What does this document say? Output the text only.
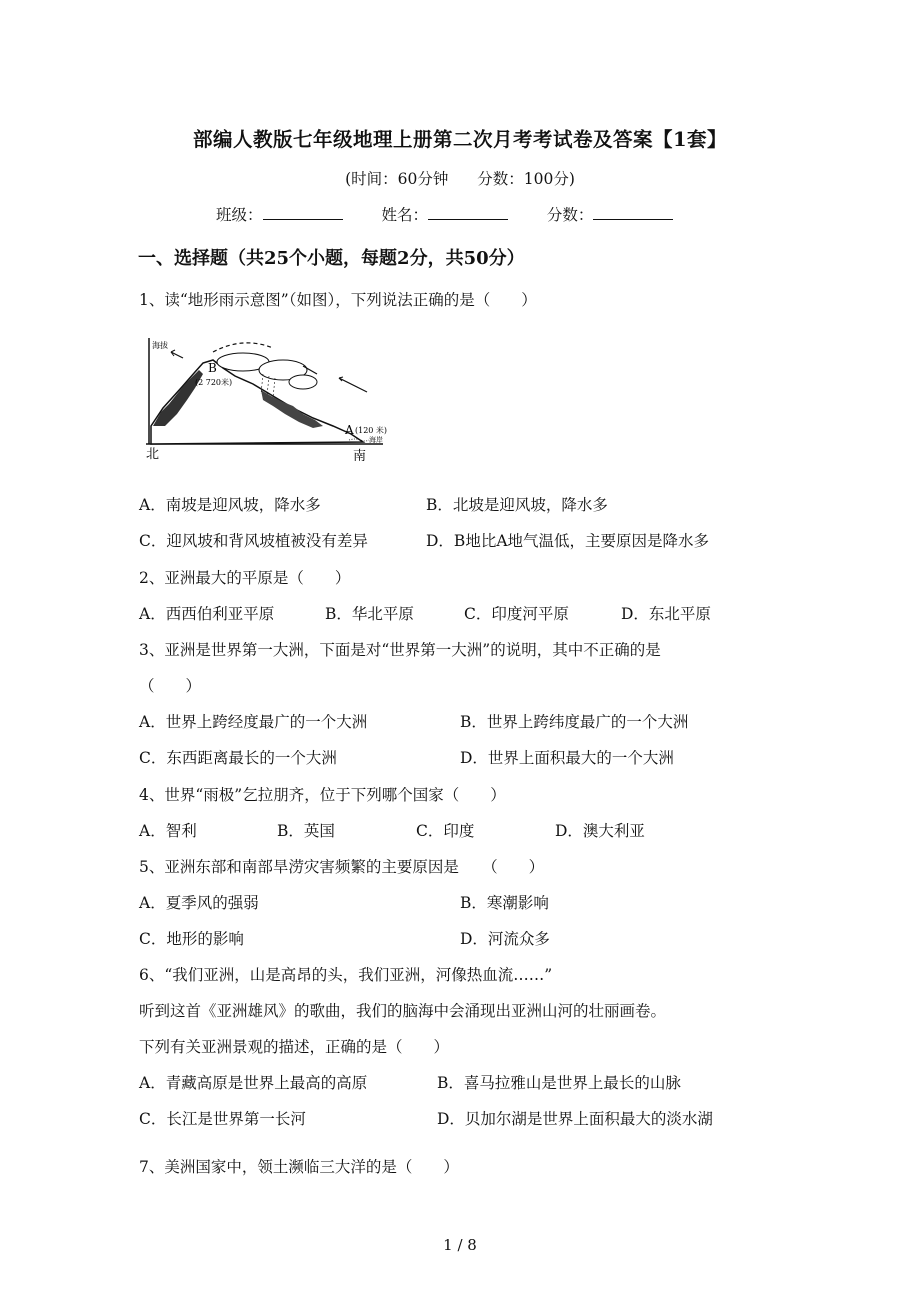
部编人教版七年级地理上册第二次月考考试卷及答案【1套】
(时间：60分钟 分数：100分)
班级：	姓名：	分数：
一、选择题（共25个小题，每题2分，共50分）
1、读“地形雨示意图”（如图），下列说法正确的是（　　）
海拔
B
(2 720米)
A (120 米)
海岸
北	南
A．南坡是迎风坡，降水多	B．北坡是迎风坡，降水多
C．迎风坡和背风坡植被没有差异	D．B地比A地气温低，主要原因是降水多
2、亚洲最大的平原是（　　）
A．西西伯利亚平原	B．华北平原	C．印度河平原	D．东北平原
3、亚洲是世界第一大洲，下面是对“世界第一大洲”的说明，其中不正确的是
（　　）
A．世界上跨经度最广的一个大洲	B．世界上跨纬度最广的一个大洲
C．东西距离最长的一个大洲	D．世界上面积最大的一个大洲
4、世界“雨极”乞拉朋齐，位于下列哪个国家（　　）
A．智利	B．英国	C．印度	D．澳大利亚
5、亚洲东部和南部旱涝灾害频繁的主要原因是　　（　　）
A．夏季风的强弱	B．寒潮影响
C．地形的影响	D．河流众多
6、“我们亚洲，山是高昂的头，我们亚洲，河像热血流……”
听到这首《亚洲雄风》的歌曲，我们的脑海中会涌现出亚洲山河的壮丽画卷。
下列有关亚洲景观的描述，正确的是（　　）
A．青藏高原是世界上最高的高原	B．喜马拉雅山是世界上最长的山脉
C．长江是世界第一长河	D．贝加尔湖是世界上面积最大的淡水湖
7、美洲国家中，领土濒临三大洋的是（　　）
1 / 8
